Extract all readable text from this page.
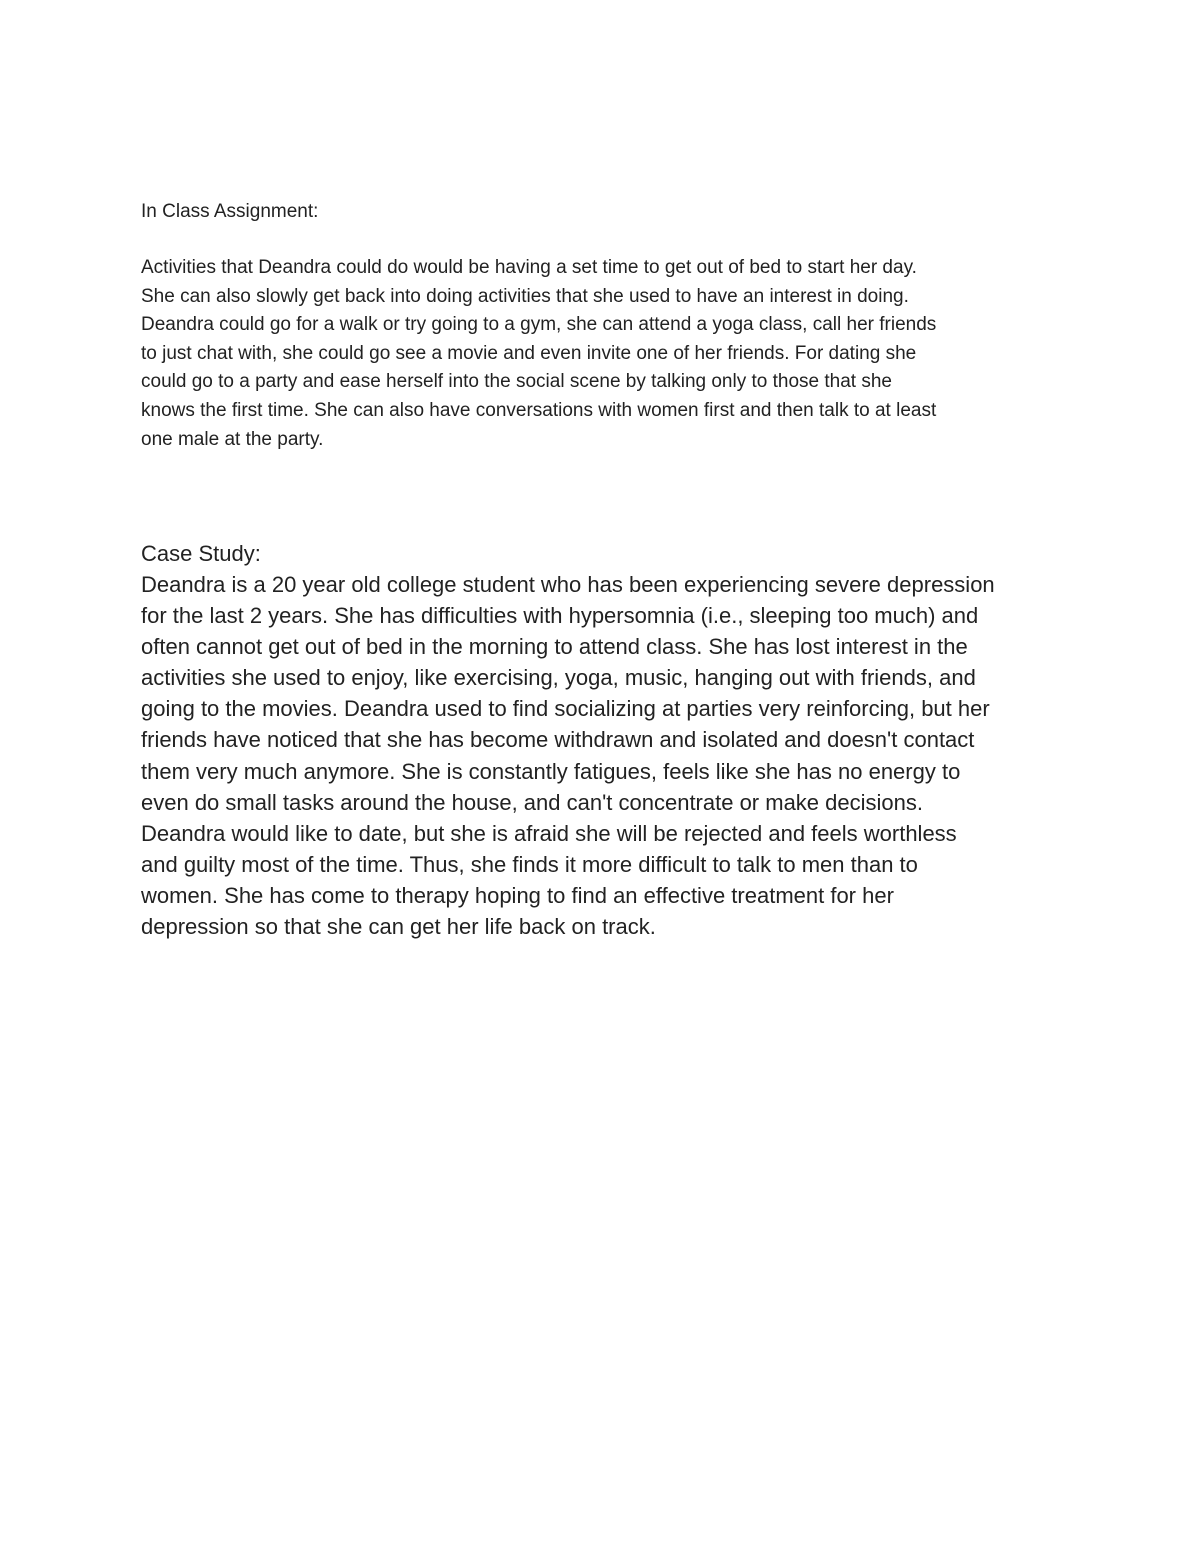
In Class Assignment:

Activities that Deandra could do would be having a set time to get out of bed to start her day.
She can also slowly get back into doing activities that she used to have an interest in doing.
Deandra could go for a walk or try going to a gym, she can attend a yoga class, call her friends
to just chat with, she could go see a movie and even invite one of her friends. For dating she
could go to a party and ease herself into the social scene by talking only to those that she
knows the first time. She can also have conversations with women first and then talk to at least
one male at the party.

Case Study:

Deandra is a 20 year old college student who has been experiencing severe depression
for the last 2 years. She has difficulties with hypersomnia (i.e., sleeping too much) and
often cannot get out of bed in the morning to attend class. She has lost interest in the
activities she used to enjoy, like exercising, yoga, music, hanging out with friends, and
going to the movies. Deandra used to find socializing at parties very reinforcing, but her
friends have noticed that she has become withdrawn and isolated and doesn't contact
them very much anymore. She is constantly fatigues, feels like she has no energy to
even do small tasks around the house, and can't concentrate or make decisions.
Deandra would like to date, but she is afraid she will be rejected and feels worthless
and guilty most of the time. Thus, she finds it more difficult to talk to men than to
women. She has come to therapy hoping to find an effective treatment for her
depression so that she can get her life back on track.
